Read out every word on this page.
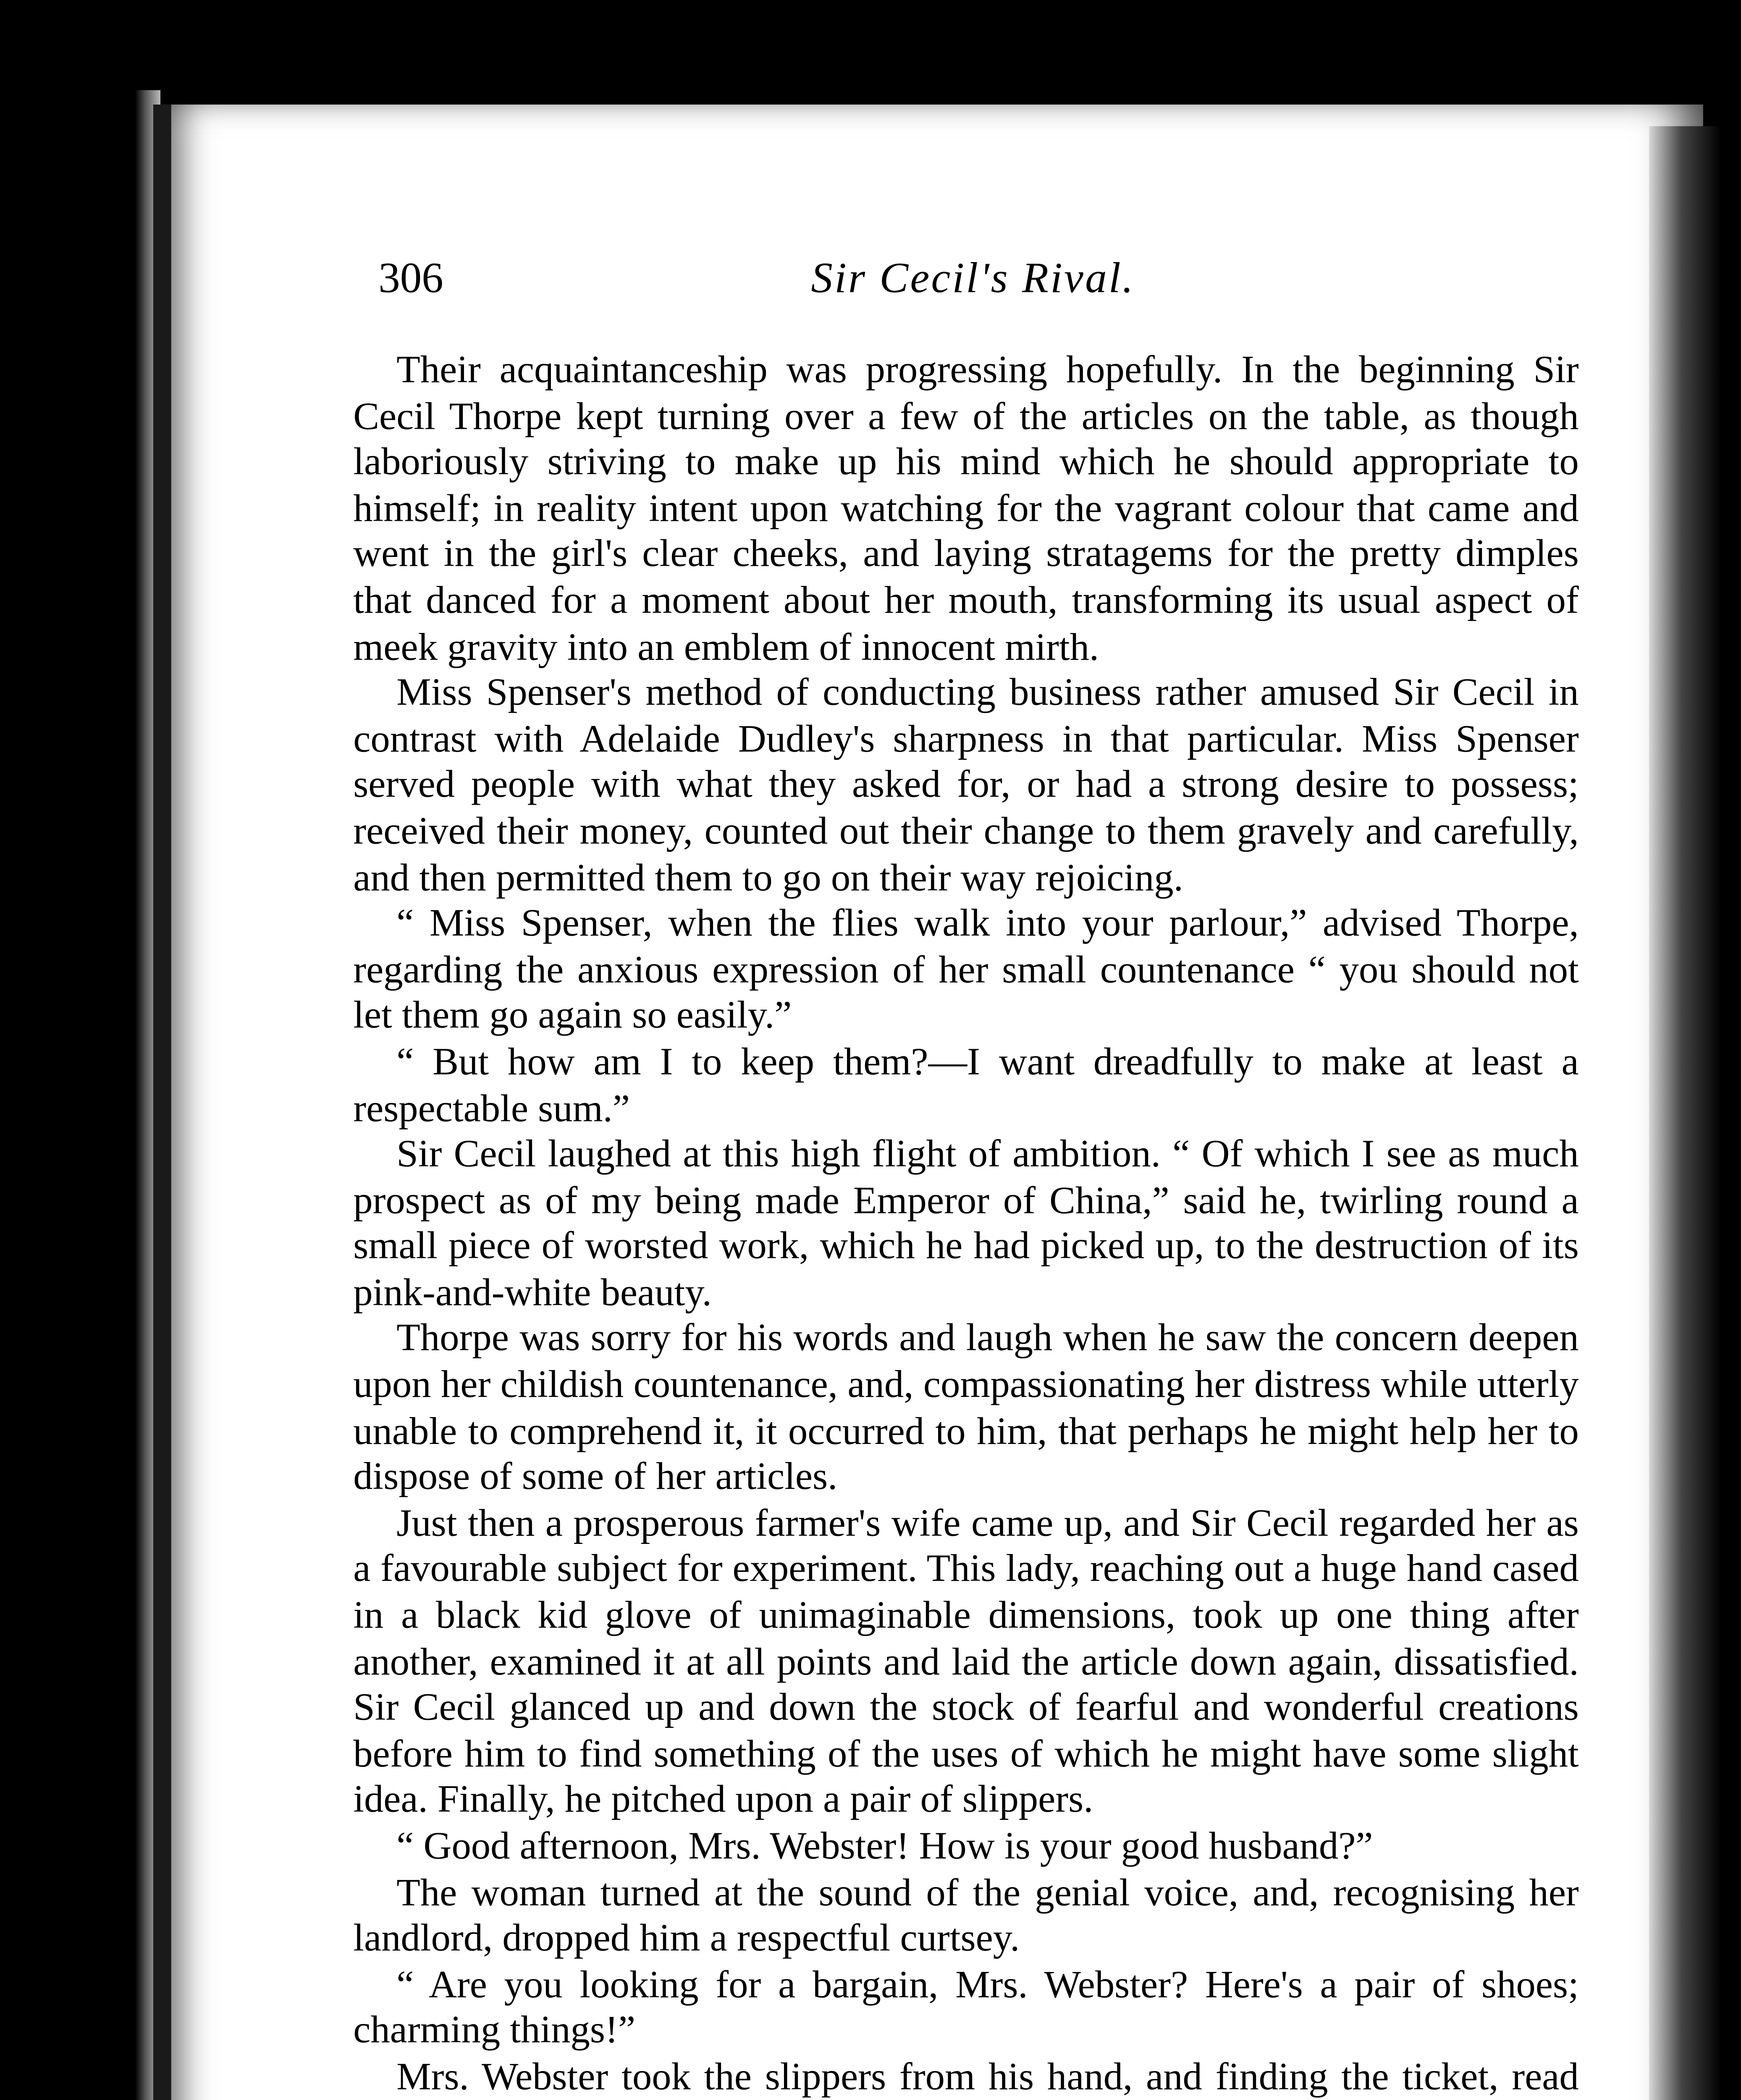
306	Sir Cecil's Rival.

Their acquaintanceship was progressing hopefully. In the beginning Sir Cecil Thorpe kept turning over a few of the articles on the table, as though laboriously striving to make up his mind which he should appropriate to himself; in reality intent upon watching for the vagrant colour that came and went in the girl's clear cheeks, and laying stratagems for the pretty dimples that danced for a moment about her mouth, transforming its usual aspect of meek gravity into an emblem of innocent mirth.

Miss Spenser's method of conducting business rather amused Sir Cecil in contrast with Adelaide Dudley's sharpness in that particular. Miss Spenser served people with what they asked for, or had a strong desire to possess; received their money, counted out their change to them gravely and carefully, and then permitted them to go on their way rejoicing.

“ Miss Spenser, when the flies walk into your parlour,” advised Thorpe, regarding the anxious expression of her small countenance “ you should not let them go again so easily.”

“ But how am I to keep them?—I want dreadfully to make at least a respectable sum.”

Sir Cecil laughed at this high flight of ambition. “ Of which I see as much prospect as of my being made Emperor of China,” said he, twirling round a small piece of worsted work, which he had picked up, to the destruction of its pink-and-white beauty.

Thorpe was sorry for his words and laugh when he saw the concern deepen upon her childish countenance, and, compassionating her distress while utterly unable to comprehend it, it occurred to him, that perhaps he might help her to dispose of some of her articles.

Just then a prosperous farmer's wife came up, and Sir Cecil regarded her as a favourable subject for experiment. This lady, reaching out a huge hand cased in a black kid glove of unimaginable dimensions, took up one thing after another, examined it at all points and laid the article down again, dissatisfied. Sir Cecil glanced up and down the stock of fearful and wonderful creations before him to find something of the uses of which he might have some slight idea. Finally, he pitched upon a pair of slippers.

“ Good afternoon, Mrs. Webster! How is your good husband?”

The woman turned at the sound of the genial voice, and, recognising her landlord, dropped him a respectful curtsey.

“ Are you looking for a bargain, Mrs. Webster? Here's a pair of shoes; charming things!”

Mrs. Webster took the slippers from his hand, and finding the ticket, read
